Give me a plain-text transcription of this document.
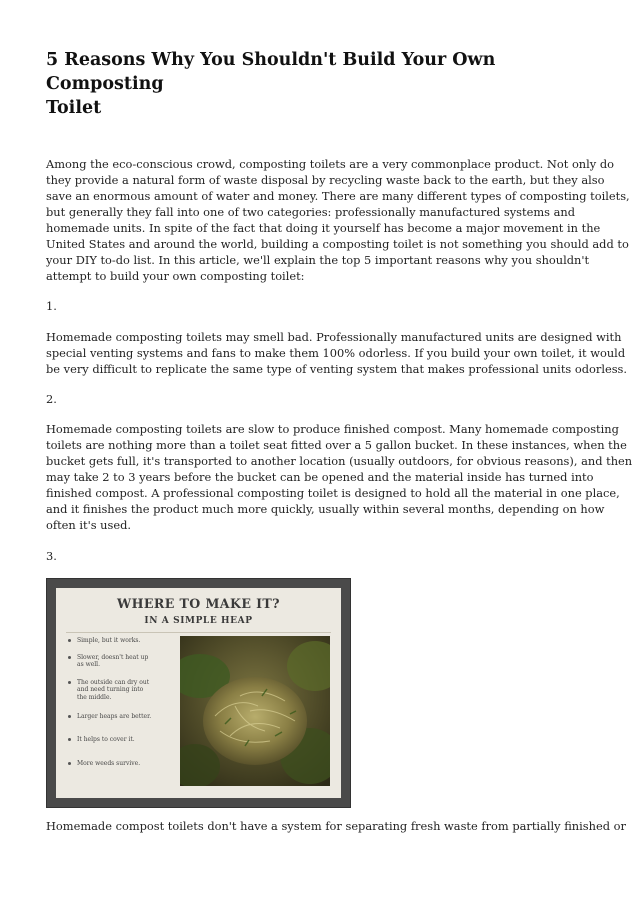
5 Reasons Why You Shouldn't Build Your Own Composting
Toilet

Among the eco-conscious crowd, composting toilets are a very commonplace product. Not only do
they provide a natural form of waste disposal by recycling waste back to the earth, but they also
save an enormous amount of water and money. There are many different types of composting toilets,
but generally they fall into one of two categories: professionally manufactured systems and
homemade units. In spite of the fact that doing it yourself has become a major movement in the
United States and around the world, building a composting toilet is not something you should add to
your DIY to-do list. In this article, we'll explain the top 5 important reasons why you shouldn't
attempt to build your own composting toilet:

1.

Homemade composting toilets may smell bad. Professionally manufactured units are designed with
special venting systems and fans to make them 100% odorless. If you build your own toilet, it would
be very difficult to replicate the same type of venting system that makes professional units odorless.

2.

Homemade composting toilets are slow to produce finished compost. Many homemade composting
toilets are nothing more than a toilet seat fitted over a 5 gallon bucket. In these instances, when the
bucket gets full, it's transported to another location (usually outdoors, for obvious reasons), and then
may take 2 to 3 years before the bucket can be opened and the material inside has turned into
finished compost. A professional composting toilet is designed to hold all the material in one place,
and it finishes the product much more quickly, usually within several months, depending on how
often it's used.

3.
WHERE TO MAKE IT?
IN A SIMPLE HEAP
Simple, but it works.
Slower, doesn't heat up
as well.
The outside can dry out
and need turning into
the middle.
Larger heaps are better.
It helps to cover it.
More weeds survive.

Homemade compost toilets don't have a system for separating fresh waste from partially finished or
